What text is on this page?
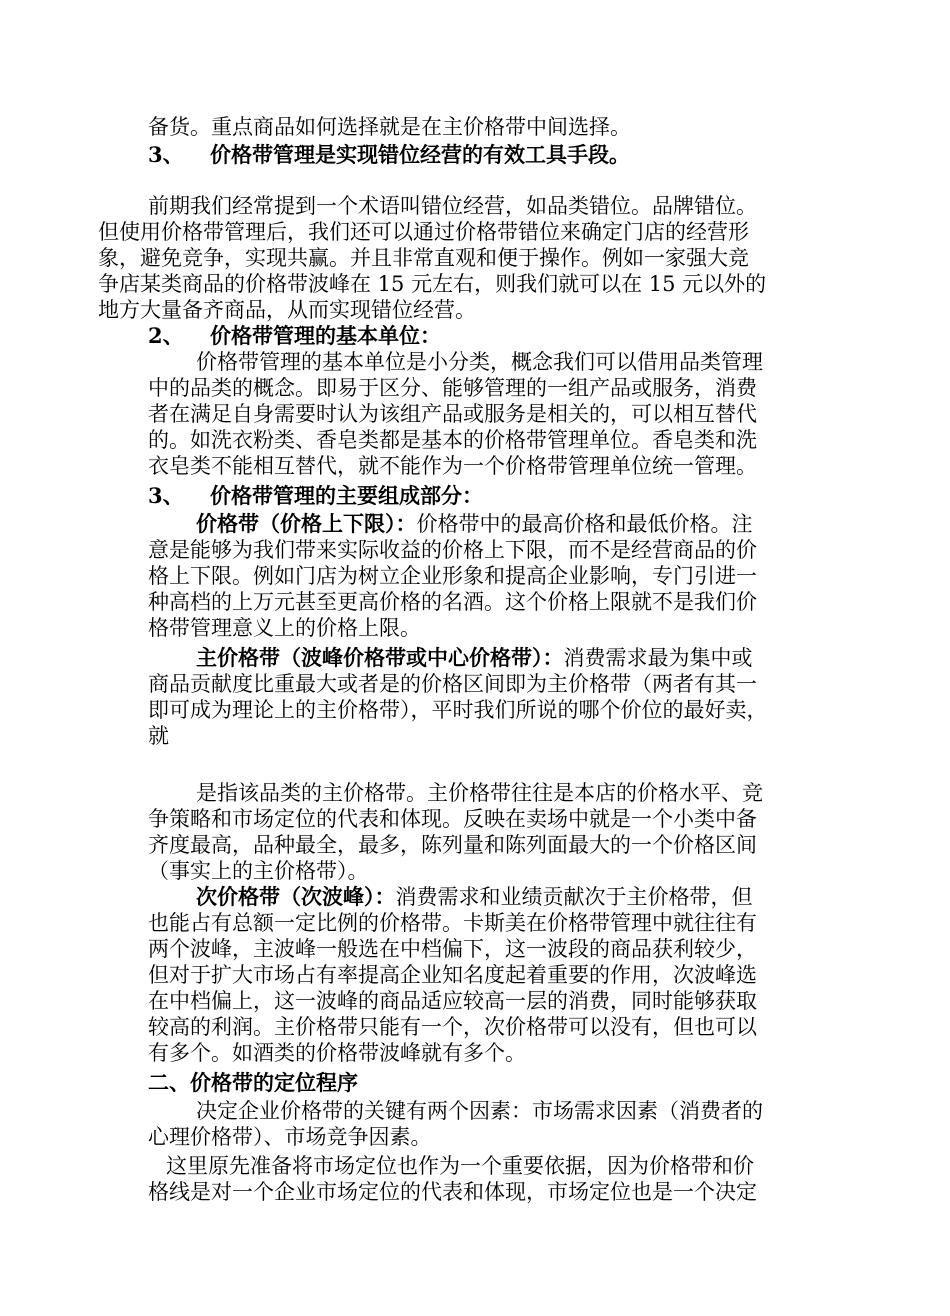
备货。重点商品如何选择就是在主价格带中间选择。
3、 价格带管理是实现错位经营的有效工具手段。
前期我们经常提到一个术语叫错位经营，如品类错位。品牌错位。
但使用价格带管理后，我们还可以通过价格带错位来确定门店的经营形
象，避免竞争，实现共赢。并且非常直观和便于操作。例如一家强大竞
争店某类商品的价格带波峰在 15 元左右，则我们就可以在 15 元以外的
地方大量备齐商品，从而实现错位经营。
2、 价格带管理的基本单位：
价格带管理的基本单位是小分类，概念我们可以借用品类管理
中的品类的概念。即易于区分、能够管理的一组产品或服务，消费
者在满足自身需要时认为该组产品或服务是相关的，可以相互替代
的。如洗衣粉类、香皂类都是基本的价格带管理单位。香皂类和洗
衣皂类不能相互替代，就不能作为一个价格带管理单位统一管理。
3、 价格带管理的主要组成部分：
价格带（价格上下限）：价格带中的最高价格和最低价格。注
意是能够为我们带来实际收益的价格上下限，而不是经营商品的价
格上下限。例如门店为树立企业形象和提高企业影响，专门引进一
种高档的上万元甚至更高价格的名酒。这个价格上限就不是我们价
格带管理意义上的价格上限。
主价格带（波峰价格带或中心价格带）：消费需求最为集中或
商品贡献度比重最大或者是的价格区间即为主价格带（两者有其一
即可成为理论上的主价格带），平时我们所说的哪个价位的最好卖，
就
是指该品类的主价格带。主价格带往往是本店的价格水平、竞
争策略和市场定位的代表和体现。反映在卖场中就是一个小类中备
齐度最高，品种最全，最多，陈列量和陈列面最大的一个价格区间
（事实上的主价格带）。
次价格带（次波峰）：消费需求和业绩贡献次于主价格带，但
也能占有总额一定比例的价格带。卡斯美在价格带管理中就往往有
两个波峰，主波峰一般选在中档偏下，这一波段的商品获利较少，
但对于扩大市场占有率提高企业知名度起着重要的作用，次波峰选
在中档偏上，这一波峰的商品适应较高一层的消费，同时能够获取
较高的利润。主价格带只能有一个，次价格带可以没有，但也可以
有多个。如酒类的价格带波峰就有多个。
二、价格带的定位程序
决定企业价格带的关键有两个因素：市场需求因素（消费者的
心理价格带）、市场竞争因素。
这里原先准备将市场定位也作为一个重要依据，因为价格带和价
格线是对一个企业市场定位的代表和体现，市场定位也是一个决定
